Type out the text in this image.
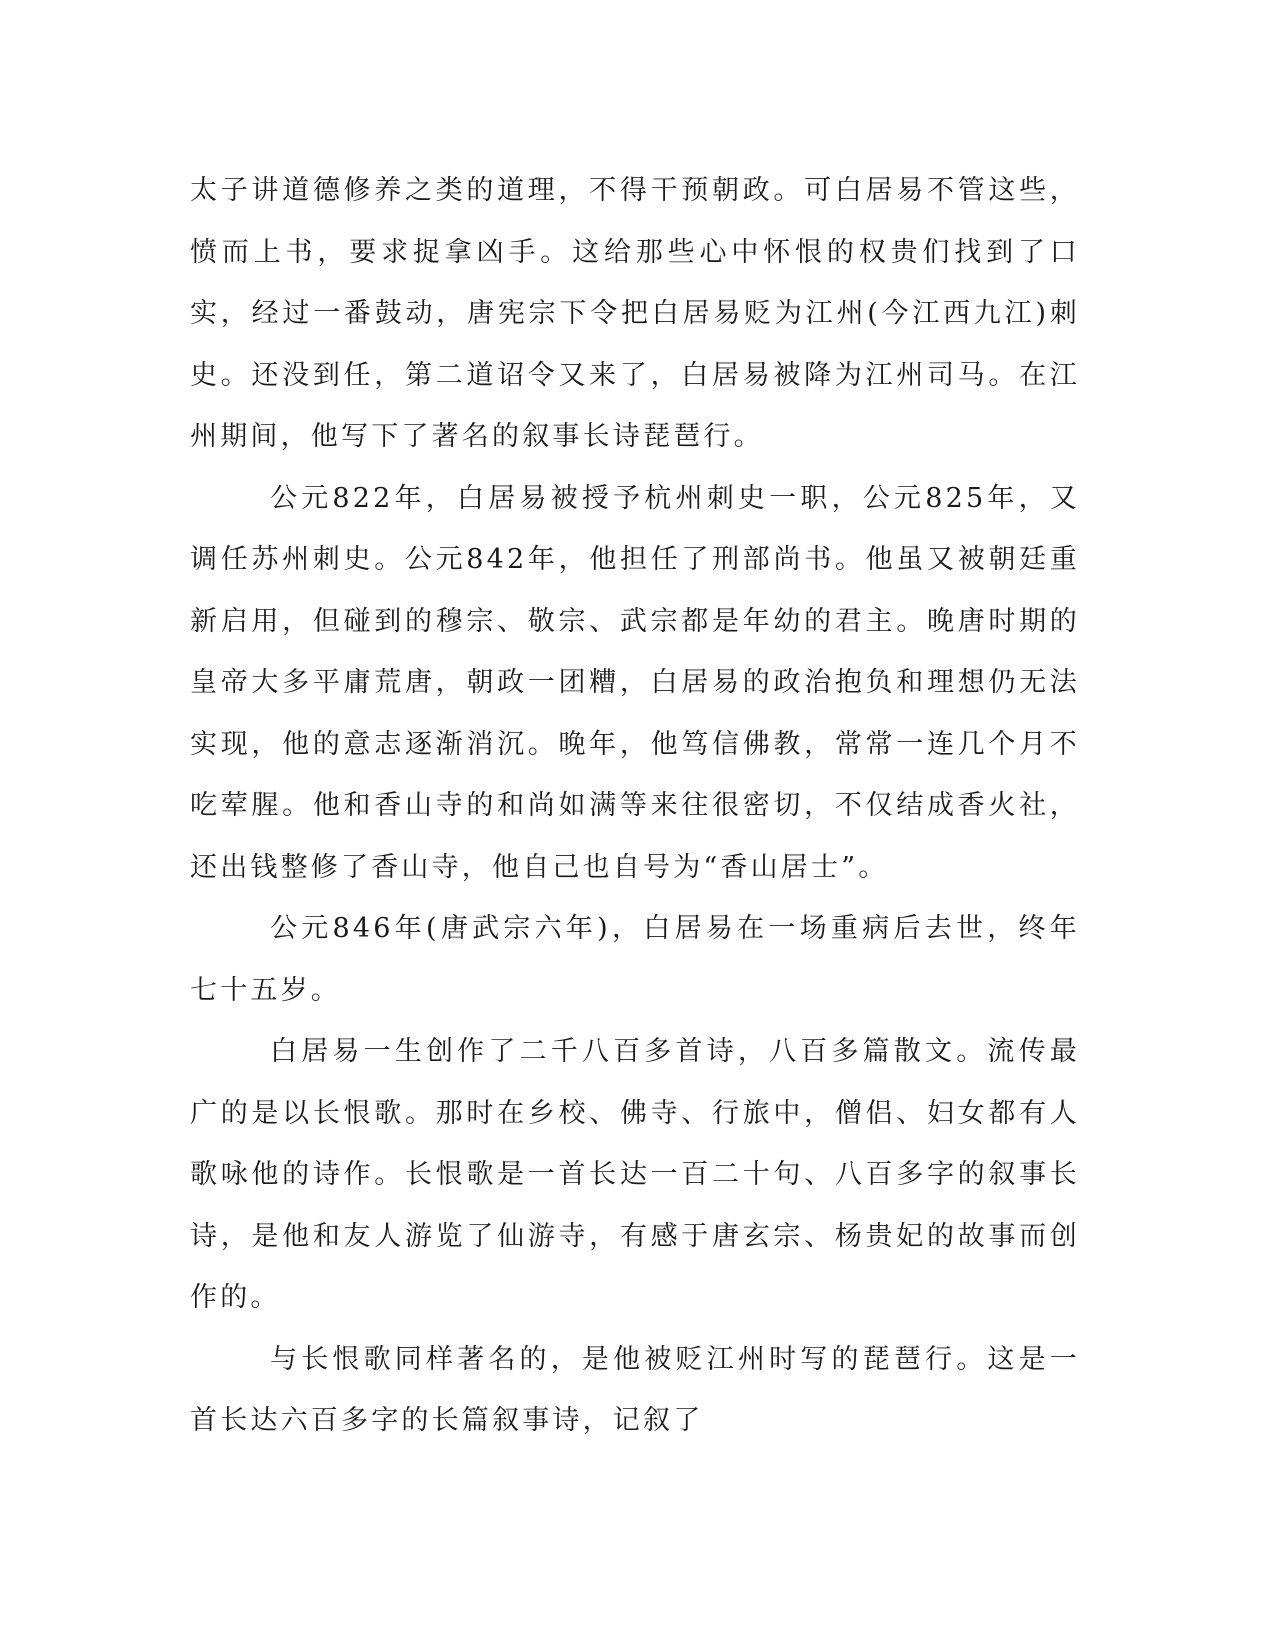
太子讲道德修养之类的道理，不得干预朝政。可白居易不管这些，愤而上书，要求捉拿凶手。这给那些心中怀恨的权贵们找到了口实，经过一番鼓动，唐宪宗下令把白居易贬为江州(今江西九江)刺史。还没到任，第二道诏令又来了，白居易被降为江州司马。在江州期间，他写下了著名的叙事长诗琵琶行。

公元822年，白居易被授予杭州刺史一职，公元825年，又调任苏州刺史。公元842年，他担任了刑部尚书。他虽又被朝廷重新启用，但碰到的穆宗、敬宗、武宗都是年幼的君主。晚唐时期的皇帝大多平庸荒唐，朝政一团糟，白居易的政治抱负和理想仍无法实现，他的意志逐渐消沉。晚年，他笃信佛教，常常一连几个月不吃荤腥。他和香山寺的和尚如满等来往很密切，不仅结成香火社，还出钱整修了香山寺，他自己也自号为“香山居士”。

公元846年(唐武宗六年)，白居易在一场重病后去世，终年七十五岁。

白居易一生创作了二千八百多首诗，八百多篇散文。流传最广的是以长恨歌。那时在乡校、佛寺、行旅中，僧侣、妇女都有人歌咏他的诗作。长恨歌是一首长达一百二十句、八百多字的叙事长诗，是他和友人游览了仙游寺，有感于唐玄宗、杨贵妃的故事而创作的。

与长恨歌同样著名的，是他被贬江州时写的琵琶行。这是一首长达六百多字的长篇叙事诗，记叙了
